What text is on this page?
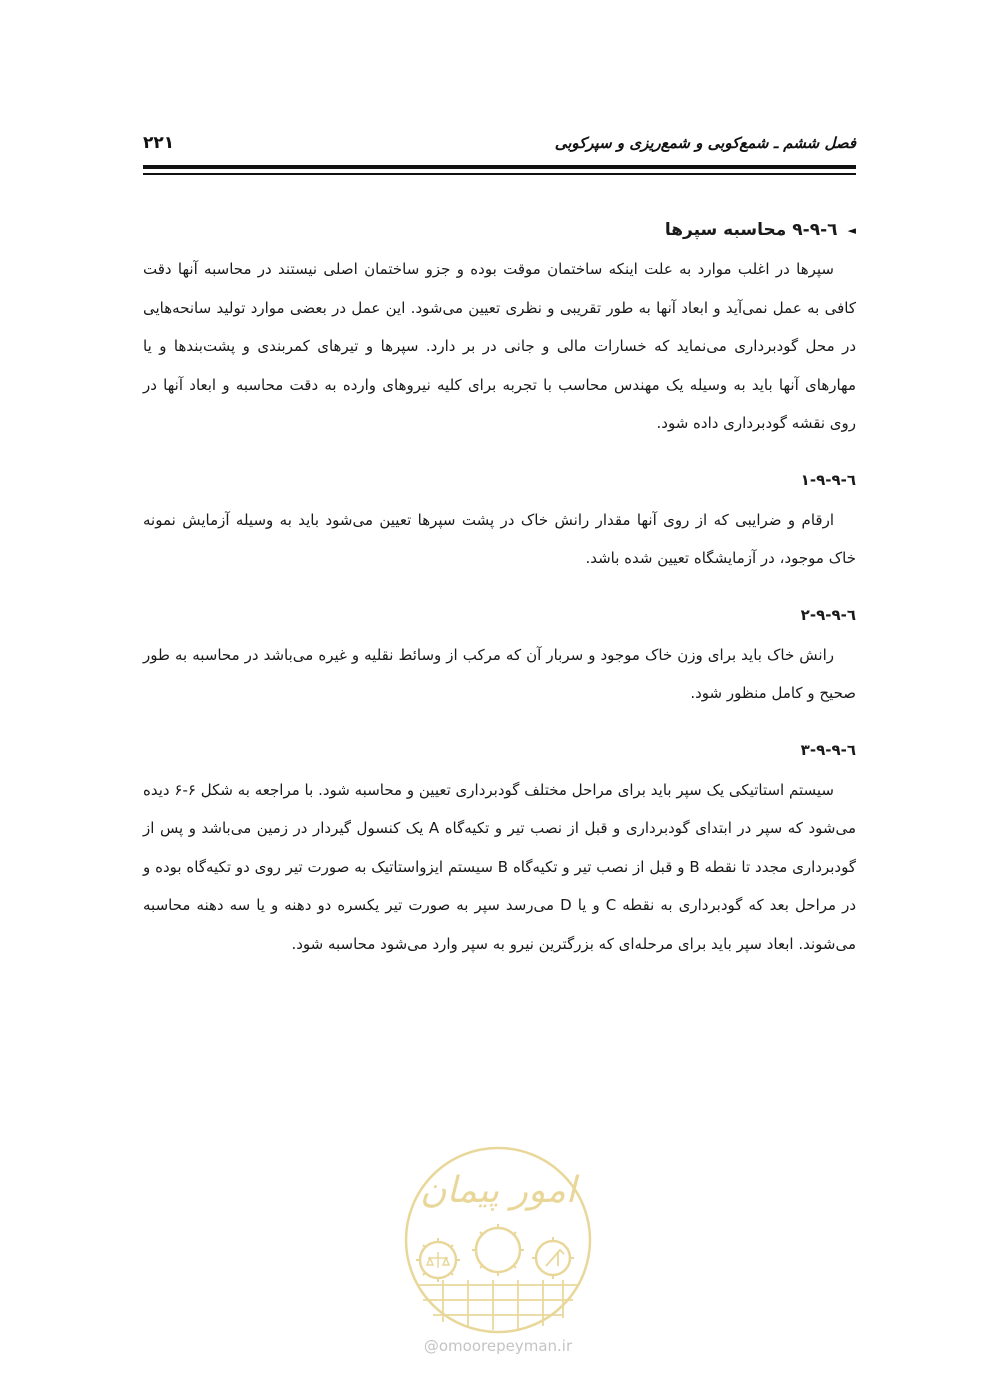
۲۲۱	فصل ششم ـ شمع‌کوبی و شمع‌ریزی و سپرکوبی
◄
٦-٩-٩ محاسبه سپرها

سپرها در اغلب موارد به علت اینکه ساختمان موقت بوده و جزو ساختمان اصلی نیستند در محاسبه آنها دقت کافی به عمل نمی‌آید و ابعاد آنها به طور تقریبی و نظری تعیین می‌شود. این عمل در بعضی موارد تولید سانحه‌هایی در محل گودبرداری می‌نماید که خسارات مالی و جانی در بر دارد. سپرها و تیرهای کمربندی و پشت‌بندها و یا مهارهای آنها باید به وسیله یک مهندس محاسب با تجربه برای کلیه نیروهای وارده به دقت محاسبه و ابعاد آنها در روی نقشه گودبرداری داده شود.

٦-٩-٩-١

ارقام و ضرایبی که از روی آنها مقدار رانش خاک در پشت سپرها تعیین می‌شود باید به وسیله آزمایش نمونه خاک موجود، در آزمایشگاه تعیین شده باشد.

٦-٩-٩-٢

رانش خاک باید برای وزن خاک موجود و سربار آن که مرکب از وسائط نقلیه و غیره می‌باشد در محاسبه به طور صحیح و کامل منظور شود.

٦-٩-٩-٣

سیستم استاتیکی یک سپر باید برای مراحل مختلف گودبرداری تعیین و محاسبه شود. با مراجعه به شکل ۶-۶ دیده می‌شود که سپر در ابتدای گودبرداری و قبل از نصب تیر و تکیه‌گاه A یک کنسول گیردار در زمین می‌باشد و پس از گودبرداری مجدد تا نقطه B و قبل از نصب تیر و تکیه‌گاه B سیستم ایزواستاتیک به صورت تیر روی دو تکیه‌گاه بوده و در مراحل بعد که گودبرداری به نقطه C و یا D می‌رسد سپر به صورت تیر یکسره دو دهنه و یا سه دهنه محاسبه می‌شوند. ابعاد سپر باید برای مرحله‌ای که بزرگترین نیرو به سپر وارد می‌شود محاسبه شود.

امور پیمان
@omoorepeyman.ir
